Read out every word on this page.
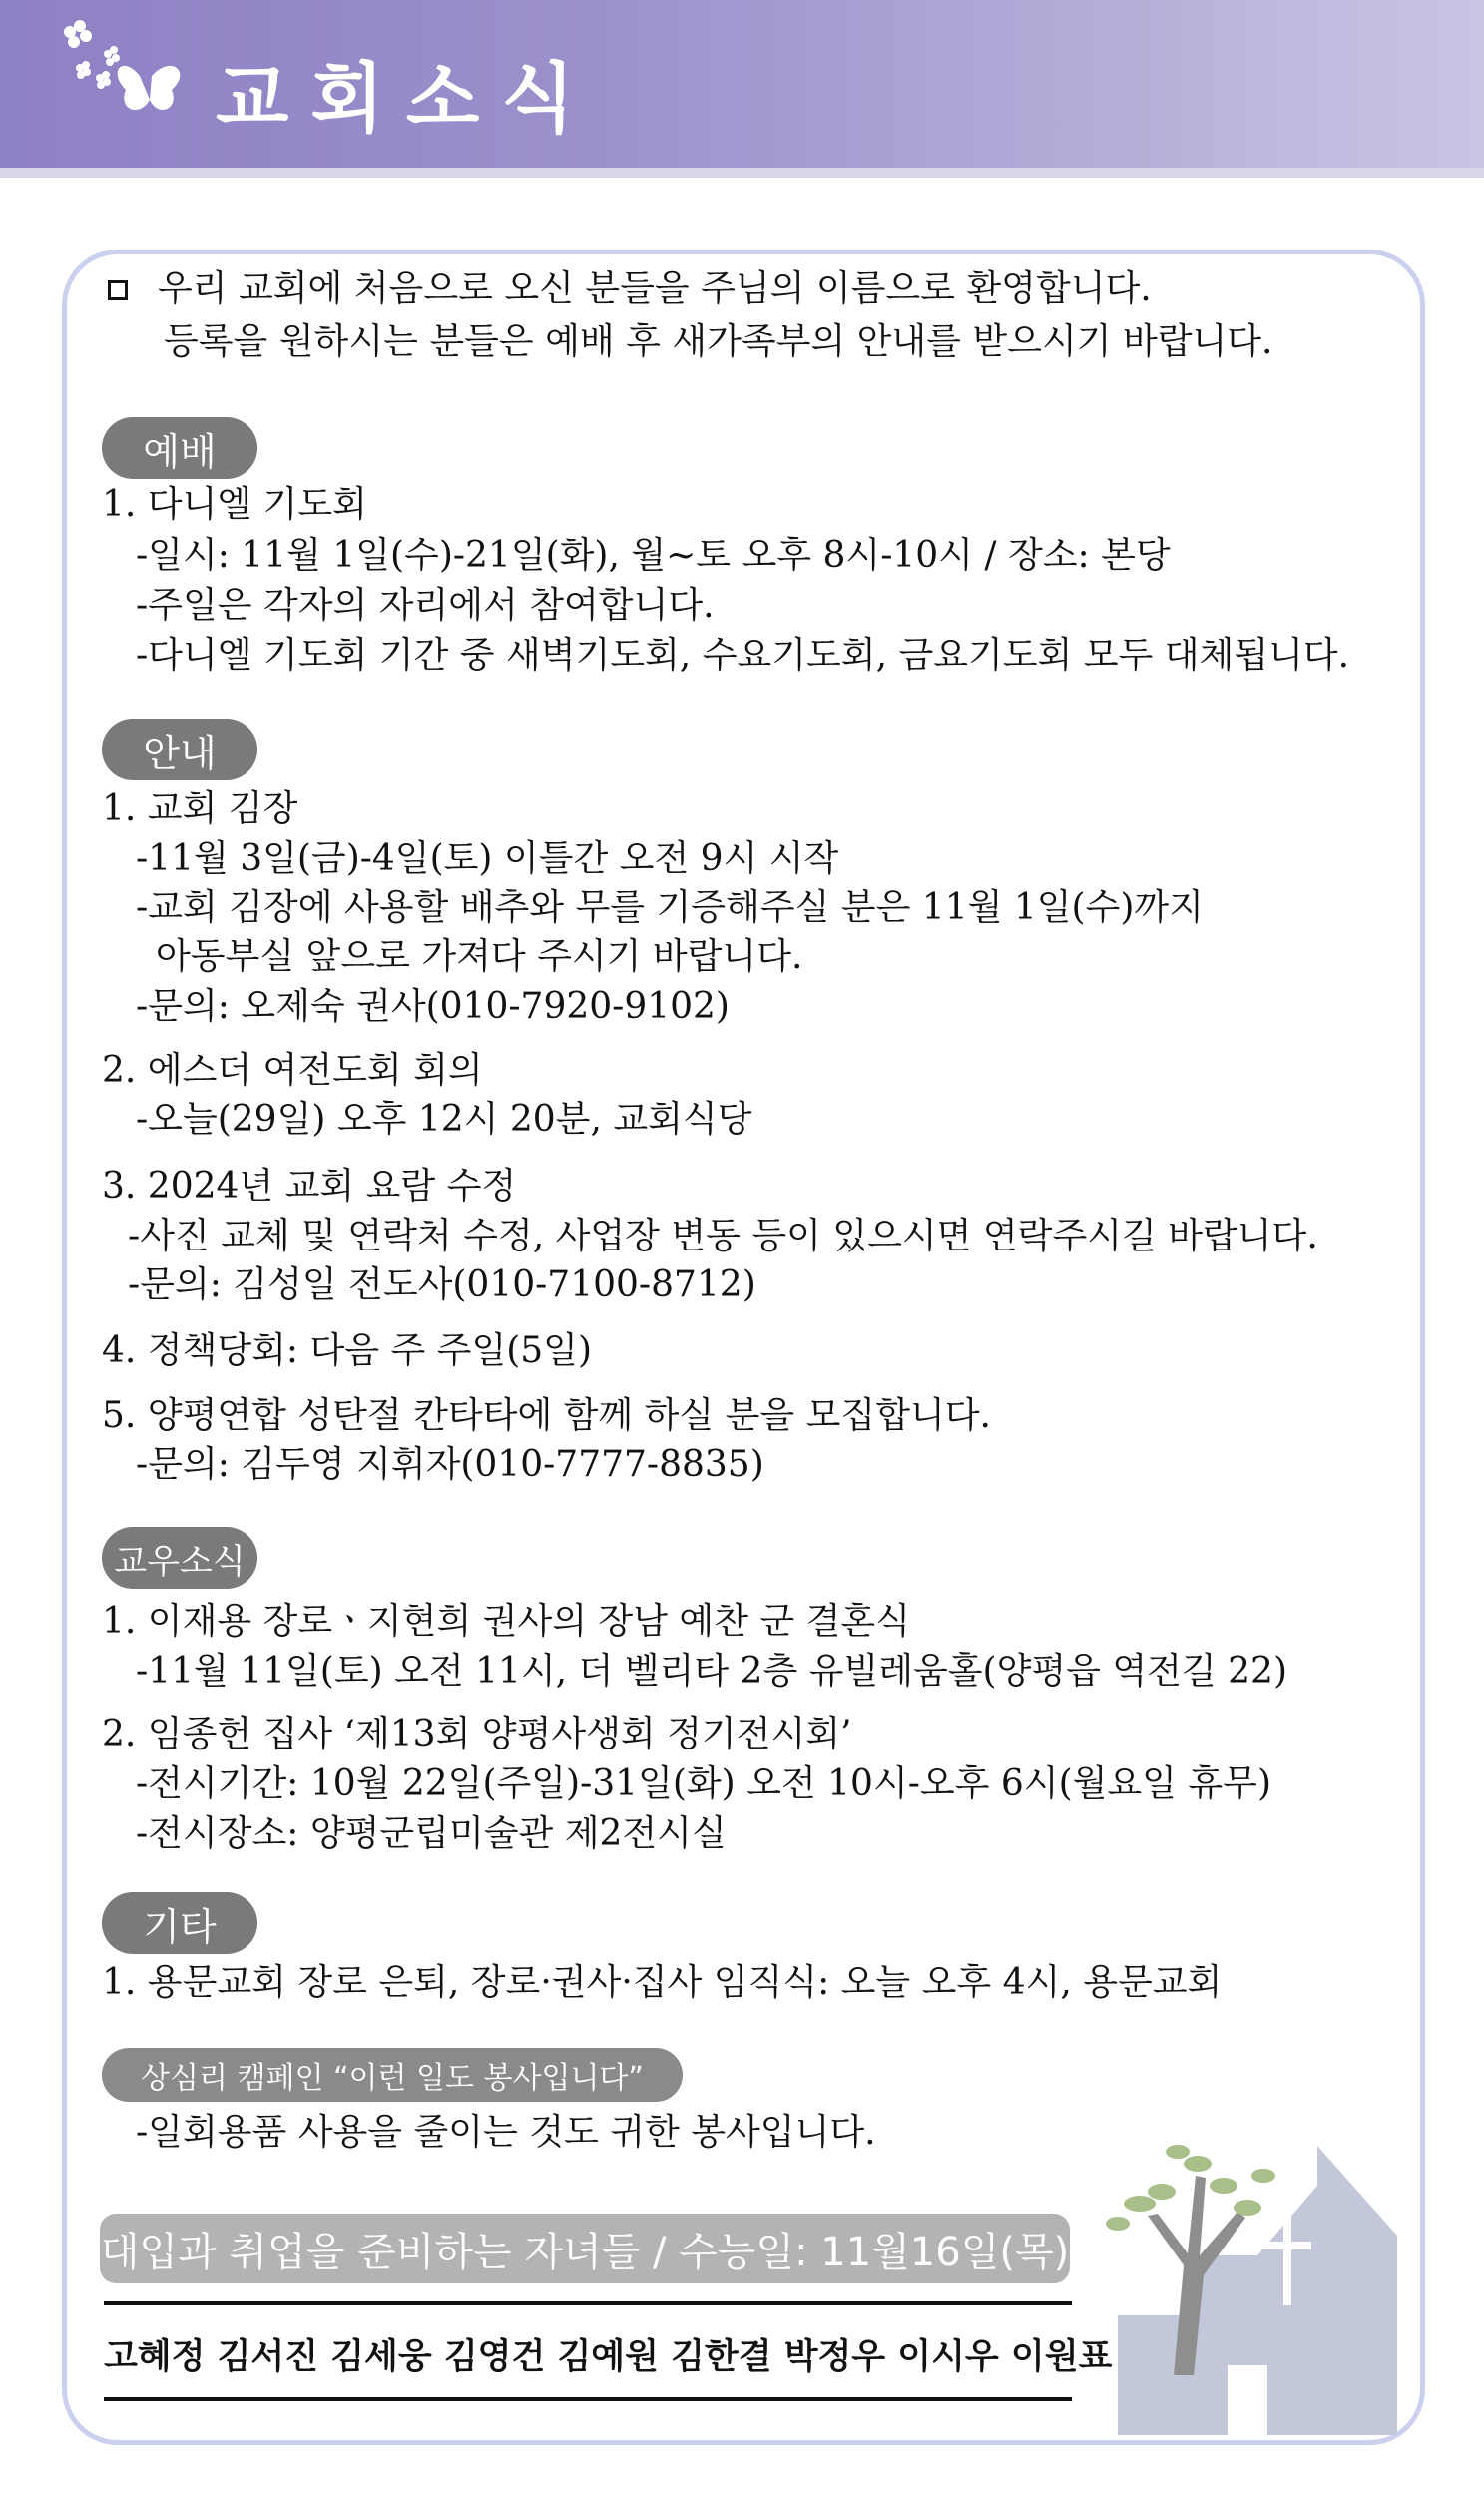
교회소식
우리 교회에 처음으로 오신 분들을 주님의 이름으로 환영합니다.
등록을 원하시는 분들은 예배 후 새가족부의 안내를 받으시기 바랍니다.
예배
1. 다니엘 기도회
-일시: 11월 1일(수)-21일(화), 월~토 오후 8시-10시 / 장소: 본당
-주일은 각자의 자리에서 참여합니다.
-다니엘 기도회 기간 중 새벽기도회, 수요기도회, 금요기도회 모두 대체됩니다.
안내
1. 교회 김장
-11월 3일(금)-4일(토) 이틀간 오전 9시 시작
-교회 김장에 사용할 배추와 무를 기증해주실 분은 11월 1일(수)까지
아동부실 앞으로 가져다 주시기 바랍니다.
-문의: 오제숙 권사(010-7920-9102)
2. 에스더 여전도회 회의
-오늘(29일) 오후 12시 20분, 교회식당
3. 2024년 교회 요람 수정
-사진 교체 및 연락처 수정, 사업장 변동 등이 있으시면 연락주시길 바랍니다.
-문의: 김성일 전도사(010-7100-8712)
4. 정책당회: 다음 주 주일(5일)
5. 양평연합 성탄절 칸타타에 함께 하실 분을 모집합니다.
-문의: 김두영 지휘자(010-7777-8835)
교우소식
1. 이재용 장로ㆍ지현희 권사의 장남 예찬 군 결혼식
-11월 11일(토) 오전 11시, 더 벨리타 2층 유빌레움홀(양평읍 역전길 22)
2. 임종헌 집사 ‘제13회 양평사생회 정기전시회’
-전시기간: 10월 22일(주일)-31일(화) 오전 10시-오후 6시(월요일 휴무)
-전시장소: 양평군립미술관 제2전시실
기타
1. 용문교회 장로 은퇴, 장로·권사·집사 임직식: 오늘 오후 4시, 용문교회
상심리 캠페인 “이런 일도 봉사입니다”
-일회용품 사용을 줄이는 것도 귀한 봉사입니다.
대입과 취업을 준비하는 자녀들 / 수능일: 11월16일(목)
고혜정 김서진 김세웅 김영건 김예원 김한결 박정우 이시우 이원표
